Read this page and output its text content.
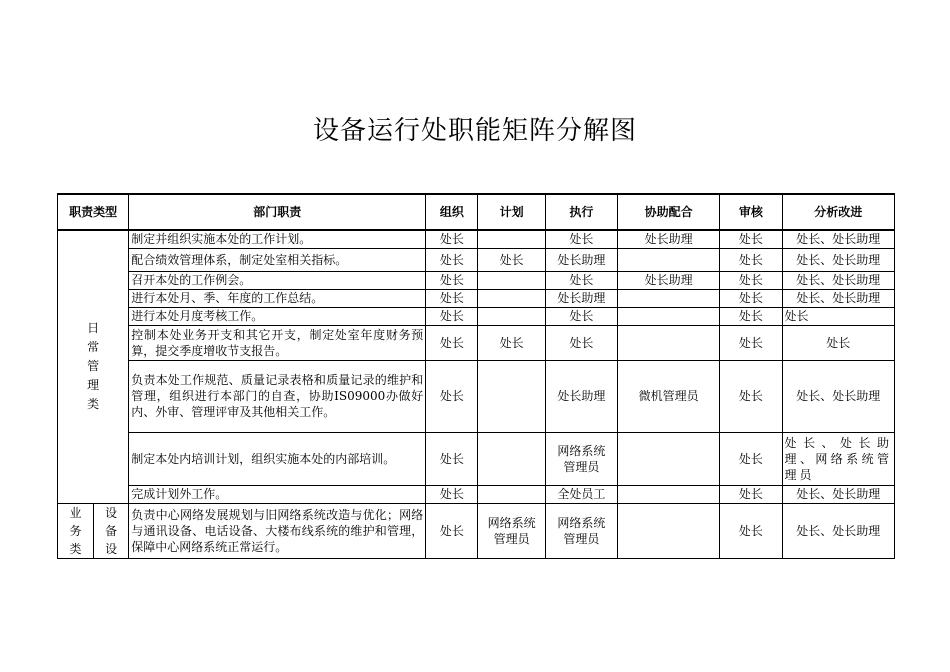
设备运行处职能矩阵分解图
职责类型		部门职责	组织	计划	执行	协助配合	审核	分析改进
日常管理类		制定并组织实施本处的工作计划。	处长		处长	处长助理	处长	处长、处长助理
		配合绩效管理体系，制定处室相关指标。	处长	处长	处长助理		处长	处长、处长助理
		召开本处的工作例会。	处长		处长	处长助理	处长	处长、处长助理
		进行本处月、季、年度的工作总结。	处长		处长助理		处长	处长、处长助理
		进行本处月度考核工作。	处长		处长		处长	处长
		控制本处业务开支和其它开支，制定处室年度财务预算，提交季度增收节支报告。	处长	处长	处长		处长	处长
		负责本处工作规范、质量记录表格和质量记录的维护和管理，组织进行本部门的自查，协助IS09000办做好内、外审、管理评审及其他相关工作。	处长		处长助理	微机管理员	处长	处长、处长助理
		制定本处内培训计划，组织实施本处的内部培训。	处长		网络系统管理员		处长	处长、处长助理、网络系统管理员
		完成计划外工作。	处长		全处员工		处长	处长、处长助理
业务类	设备设	负责中心网络发展规划与旧网络系统改造与优化；网络与通讯设备、电话设备、大楼布线系统的维护和管理，保障中心网络系统正常运行。	处长	网络系统管理员	网络系统管理员		处长	处长、处长助理
